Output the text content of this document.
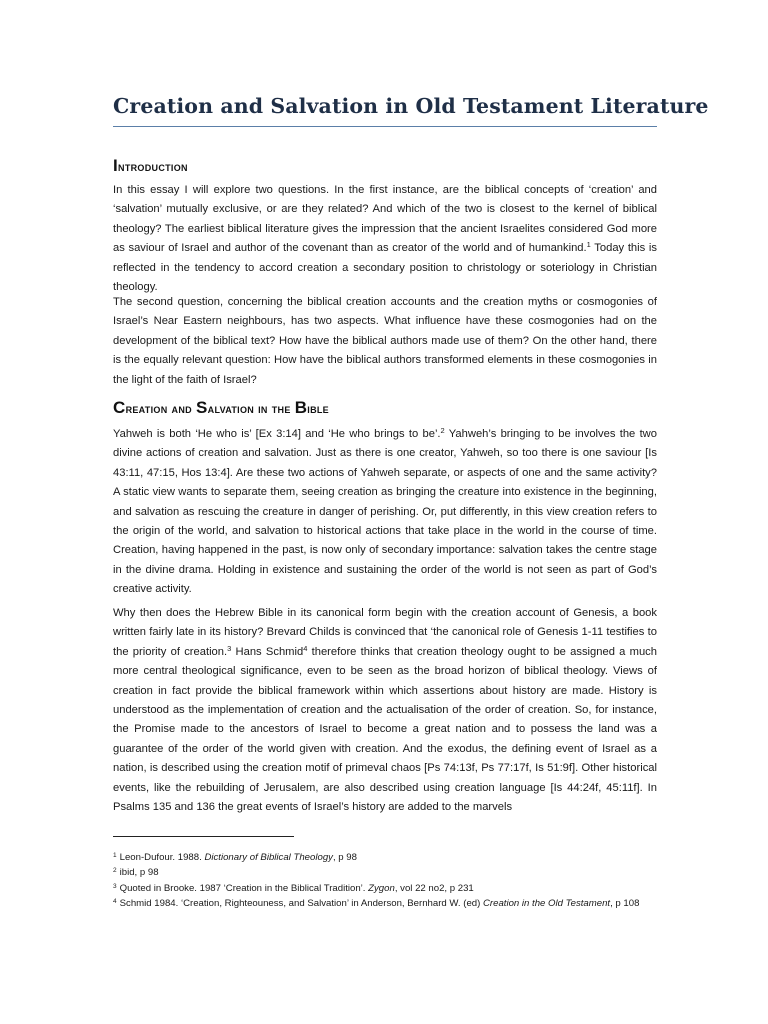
Creation and Salvation in Old Testament Literature
Introduction

In this essay I will explore two questions. In the first instance, are the biblical concepts of ‘creation’ and ‘salvation’ mutually exclusive, or are they related? And which of the two is closest to the kernel of biblical theology? The earliest biblical literature gives the impression that the ancient Israelites considered God more as saviour of Israel and author of the covenant than as creator of the world and of humankind.$^1$ Today this is reflected in the tendency to accord creation a secondary position to christology or soteriology in Christian theology.

The second question, concerning the biblical creation accounts and the creation myths or cosmogonies of Israel’s Near Eastern neighbours, has two aspects. What influence have these cosmogonies had on the development of the biblical text? How have the biblical authors made use of them? On the other hand, there is the equally relevant question: How have the biblical authors transformed elements in these cosmogonies in the light of the faith of Israel?

Creation and Salvation in the Bible

Yahweh is both ‘He who is’ [Ex 3:14] and ‘He who brings to be’.$^2$ Yahweh’s bringing to be involves the two divine actions of creation and salvation. Just as there is one creator, Yahweh, so too there is one saviour [Is 43:11, 47:15, Hos 13:4]. Are these two actions of Yahweh separate, or aspects of one and the same activity? A static view wants to separate them, seeing creation as bringing the creature into existence in the beginning, and salvation as rescuing the creature in danger of perishing. Or, put differently, in this view creation refers to the origin of the world, and salvation to historical actions that take place in the world in the course of time. Creation, having happened in the past, is now only of secondary importance: salvation takes the centre stage in the divine drama. Holding in existence and sustaining the order of the world is not seen as part of God’s creative activity.

Why then does the Hebrew Bible in its canonical form begin with the creation account of Genesis, a book written fairly late in its history? Brevard Childs is convinced that ‘the canonical role of Genesis 1-11 testifies to the priority of creation.$^3$ Hans Schmid$^4$ therefore thinks that creation theology ought to be assigned a much more central theological significance, even to be seen as the broad horizon of biblical theology. Views of creation in fact provide the biblical framework within which assertions about history are made. History is understood as the implementation of creation and the actualisation of the order of creation. So, for instance, the Promise made to the ancestors of Israel to become a great nation and to possess the land was a guarantee of the order of the world given with creation. And the exodus, the defining event of Israel as a nation, is described using the creation motif of primeval chaos [Ps 74:13f, Ps 77:17f, Is 51:9f]. Other historical events, like the rebuilding of Jerusalem, are also described using creation language [Is 44:24f, 45:11f]. In Psalms 135 and 136 the great events of Israel’s history are added to the marvels

$^1$ Leon-Dufour. 1988. Dictionary of Biblical Theology, p 98

$^2$ ibid, p 98

$^3$ Quoted in Brooke. 1987 ‘Creation in the Biblical Tradition’. Zygon, vol 22 no2, p 231

$^4$ Schmid 1984. ‘Creation, Righteouness, and Salvation’ in Anderson, Bernhard W. (ed) Creation in the Old Testament, p 108
